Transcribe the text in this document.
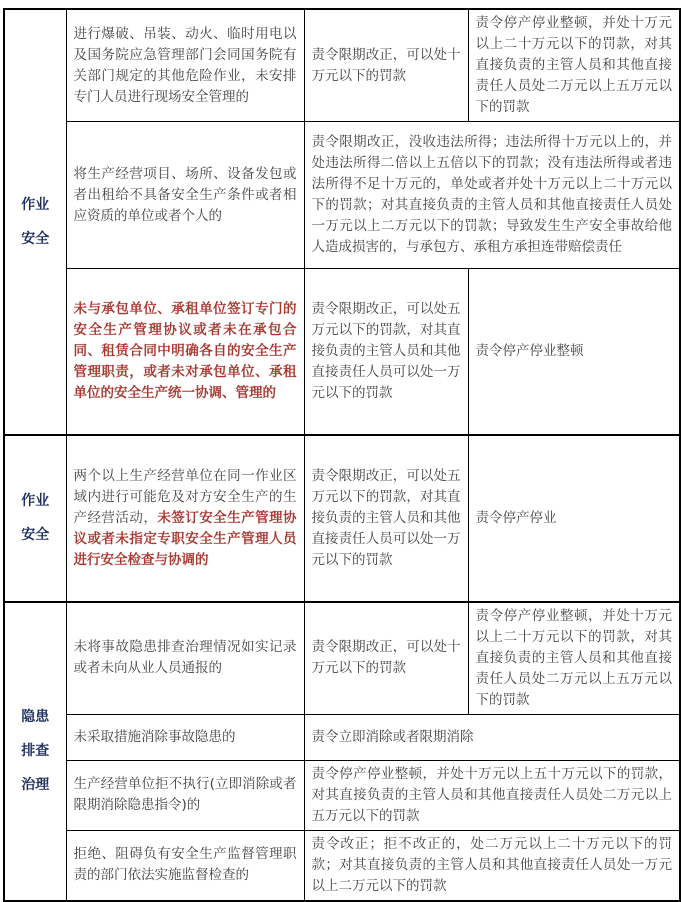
作业安全	进行爆破、吊装、动火、临时用电以及国务院应急管理部门会同国务院有关部门规定的其他危险作业，未安排专门人员进行现场安全管理的	责令限期改正，可以处十万元以下的罚款	责令停产停业整顿，并处十万元以上二十万元以下的罚款，对其直接负责的主管人员和其他直接责任人员处二万元以上五万元以下的罚款
	将生产经营项目、场所、设备发包或者出租给不具备安全生产条件或者相应资质的单位或者个人的	责令限期改正，没收违法所得；违法所得十万元以上的，并处违法所得二倍以上五倍以下的罚款；没有违法所得或者违法所得不足十万元的，单处或者并处十万元以上二十万元以下的罚款；对其直接负责的主管人员和其他直接责任人员处一万元以上二万元以下的罚款；导致发生生产安全事故给他人造成损害的，与承包方、承租方承担连带赔偿责任	
	未与承包单位、承租单位签订专门的安全生产管理协议或者未在承包合同、租赁合同中明确各自的安全生产管理职责，或者未对承包单位、承租单位的安全生产统一协调、管理的	责令限期改正，可以处五万元以下的罚款，对其直接负责的主管人员和其他直接责任人员可以处一万元以下的罚款	责令停产停业整顿
作业安全	两个以上生产经营单位在同一作业区域内进行可能危及对方安全生产的生产经营活动，未签订安全生产管理协议或者未指定专职安全生产管理人员进行安全检查与协调的	责令限期改正，可以处五万元以下的罚款，对其直接负责的主管人员和其他直接责任人员可以处一万元以下的罚款	责令停产停业
隐患排查治理	未将事故隐患排查治理情况如实记录或者未向从业人员通报的	责令限期改正，可以处十万元以下的罚款	责令停产停业整顿，并处十万元以上二十万元以下的罚款，对其直接负责的主管人员和其他直接责任人员处二万元以上五万元以下的罚款
	未采取措施消除事故隐患的	责令立即消除或者限期消除	
	生产经营单位拒不执行(立即消除或者限期消除隐患指令)的	责令停产停业整顿，并处十万元以上五十万元以下的罚款，对其直接负责的主管人员和其他直接责任人员处二万元以上五万元以下的罚款	
	拒绝、阻碍负有安全生产监督管理职责的部门依法实施监督检查的	责令改正；拒不改正的，处二万元以上二十万元以下的罚款；对其直接负责的主管人员和其他直接责任人员处一万元以上二万元以下的罚款	
